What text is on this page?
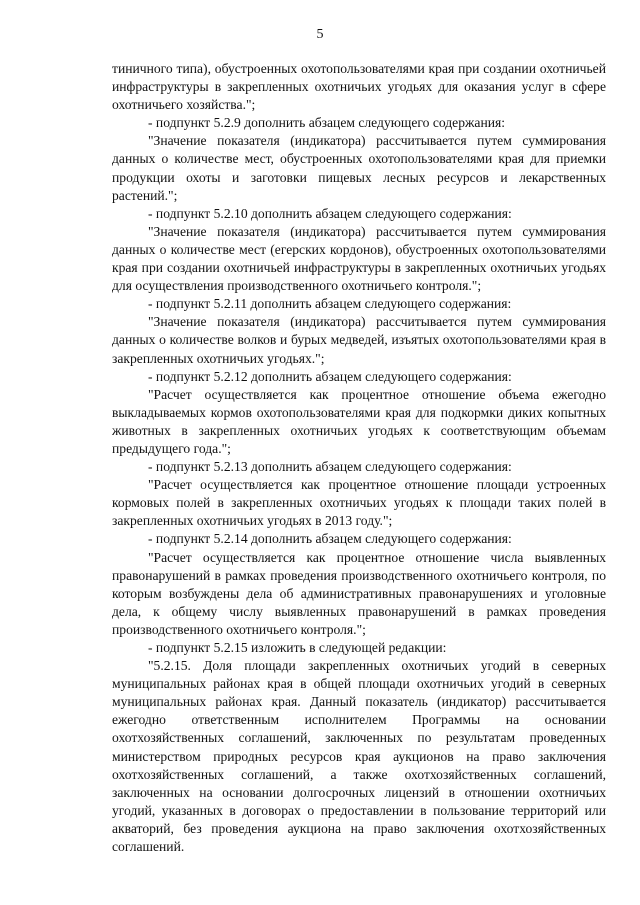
5

тиничного типа), обустроенных охотопользователями края при создании охотничьей инфраструктуры в закрепленных охотничьих угодьях для оказания услуг в сфере охотничьего хозяйства.";

- подпункт 5.2.9 дополнить абзацем следующего содержания:

"Значение показателя (индикатора) рассчитывается путем суммирования данных о количестве мест, обустроенных охотопользователями края для приемки продукции охоты и заготовки пищевых лесных ресурсов и лекарственных растений.";

- подпункт 5.2.10 дополнить абзацем следующего содержания:

"Значение показателя (индикатора) рассчитывается путем суммирования данных о количестве мест (егерских кордонов), обустроенных охотопользователями края при создании охотничьей инфраструктуры в закрепленных охотничьих угодьях для осуществления производственного охотничьего контроля.";

- подпункт 5.2.11 дополнить абзацем следующего содержания:

"Значение показателя (индикатора) рассчитывается путем суммирования данных о количестве волков и бурых медведей, изъятых охотопользователями края в закрепленных охотничьих угодьях.";

- подпункт 5.2.12 дополнить абзацем следующего содержания:

"Расчет осуществляется как процентное отношение объема ежегодно выкладываемых кормов охотопользователями края для подкормки диких копытных животных в закрепленных охотничьих угодьях к соответствующим объемам предыдущего года.";

- подпункт 5.2.13 дополнить абзацем следующего содержания:

"Расчет осуществляется как процентное отношение площади устроенных кормовых полей в закрепленных охотничьих угодьях к площади таких полей в закрепленных охотничьих угодьях в 2013 году.";

- подпункт 5.2.14 дополнить абзацем следующего содержания:

"Расчет осуществляется как процентное отношение числа выявленных правонарушений в рамках проведения производственного охотничьего контроля, по которым возбуждены дела об административных правонарушениях и уголовные дела, к общему числу выявленных правонарушений в рамках проведения производственного охотничьего контроля.";

- подпункт 5.2.15 изложить в следующей редакции:

"5.2.15. Доля площади закрепленных охотничьих угодий в северных муниципальных районах края в общей площади охотничьих угодий в северных муниципальных районах края. Данный показатель (индикатор) рассчитывается ежегодно ответственным исполнителем Программы на основании охотхозяйственных соглашений, заключенных по результатам проведенных министерством природных ресурсов края аукционов на право заключения охотхозяйственных соглашений, а также охотхозяйственных соглашений, заключенных на основании долгосрочных лицензий в отношении охотничьих угодий, указанных в договорах о предоставлении в пользование территорий или акваторий, без проведения аукциона на право заключения охотхозяйственных соглашений.
